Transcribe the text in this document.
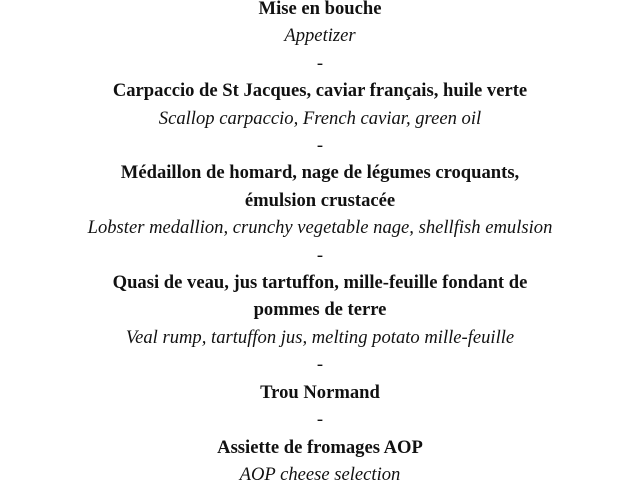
Mise en bouche
Appetizer
-
Carpaccio de St Jacques, caviar français, huile verte
Scallop carpaccio, French caviar, green oil
-
Médaillon de homard, nage de légumes croquants,
émulsion crustacée
Lobster medallion, crunchy vegetable nage, shellfish emulsion
-
Quasi de veau, jus tartuffon, mille-feuille fondant de
pommes de terre
Veal rump, tartuffon jus, melting potato mille-feuille
-
Trou Normand
-
Assiette de fromages AOP
AOP cheese selection
